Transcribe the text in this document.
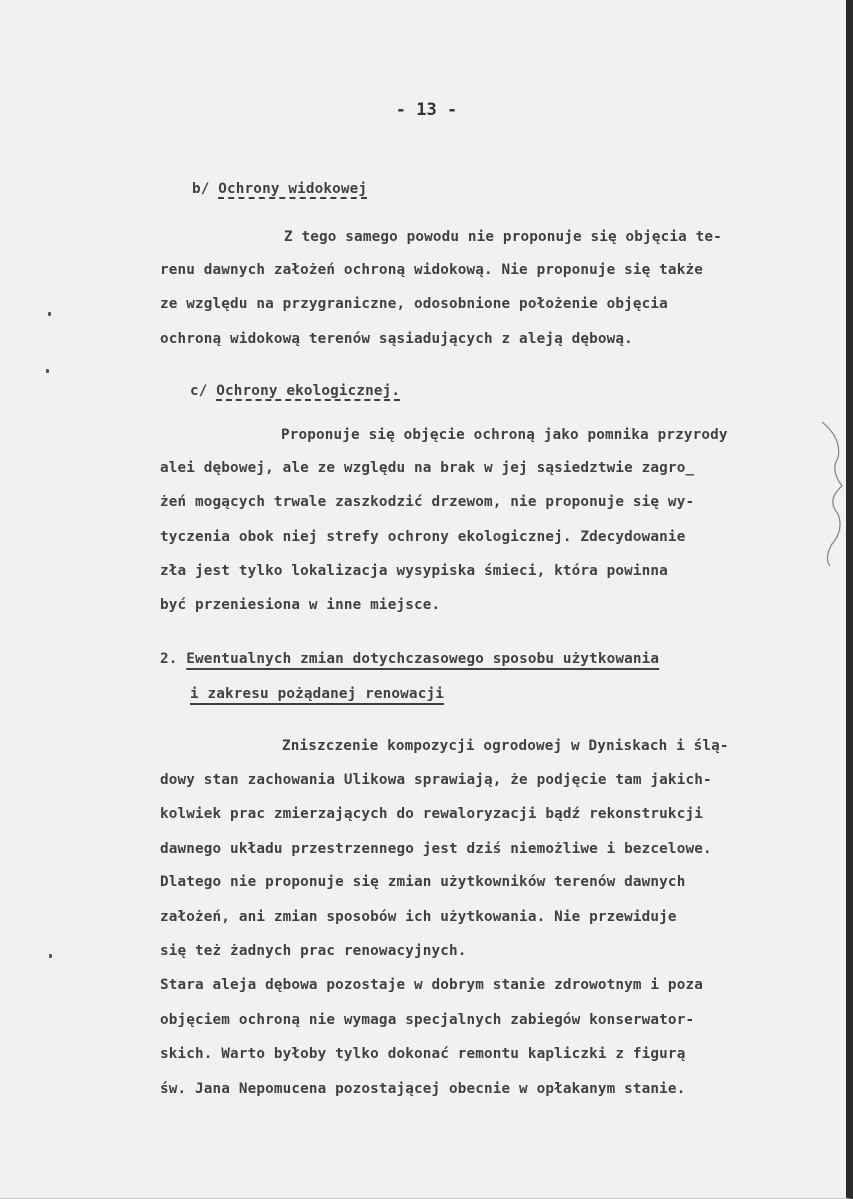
- 13 -
b/ Ochrony widokowej
Z tego samego powodu nie proponuje się objęcia te-
renu dawnych założeń ochroną widokową. Nie proponuje się także
ze względu na przygraniczne, odosobnione położenie objęcia
ochroną widokową terenów sąsiadujących z aleją dębową.
c/ Ochrony ekologicznej.
Proponuje się objęcie ochroną jako pomnika przyrody
alei dębowej, ale ze względu na brak w jej sąsiedztwie zagro_
żeń mogących trwale zaszkodzić drzewom, nie proponuje się wy-
tyczenia obok niej strefy ochrony ekologicznej. Zdecydowanie
zła jest tylko lokalizacja wysypiska śmieci, która powinna
być przeniesiona w inne miejsce.
2. Ewentualnych zmian dotychczasowego sposobu użytkowania
i zakresu pożądanej renowacji
Zniszczenie kompozycji ogrodowej w Dyniskach i ślą-
dowy stan zachowania Ulikowa sprawiają, że podjęcie tam jakich-
kolwiek prac zmierzających do rewaloryzacji bądź rekonstrukcji
dawnego układu przestrzennego jest dziś niemożliwe i bezcelowe.
Dlatego nie proponuje się zmian użytkowników terenów dawnych
założeń, ani zmian sposobów ich użytkowania. Nie przewiduje
się też żadnych prac renowacyjnych.
Stara aleja dębowa pozostaje w dobrym stanie zdrowotnym i poza
objęciem ochroną nie wymaga specjalnych zabiegów konserwator-
skich. Warto byłoby tylko dokonać remontu kapliczki z figurą
św. Jana Nepomucena pozostającej obecnie w opłakanym stanie.
